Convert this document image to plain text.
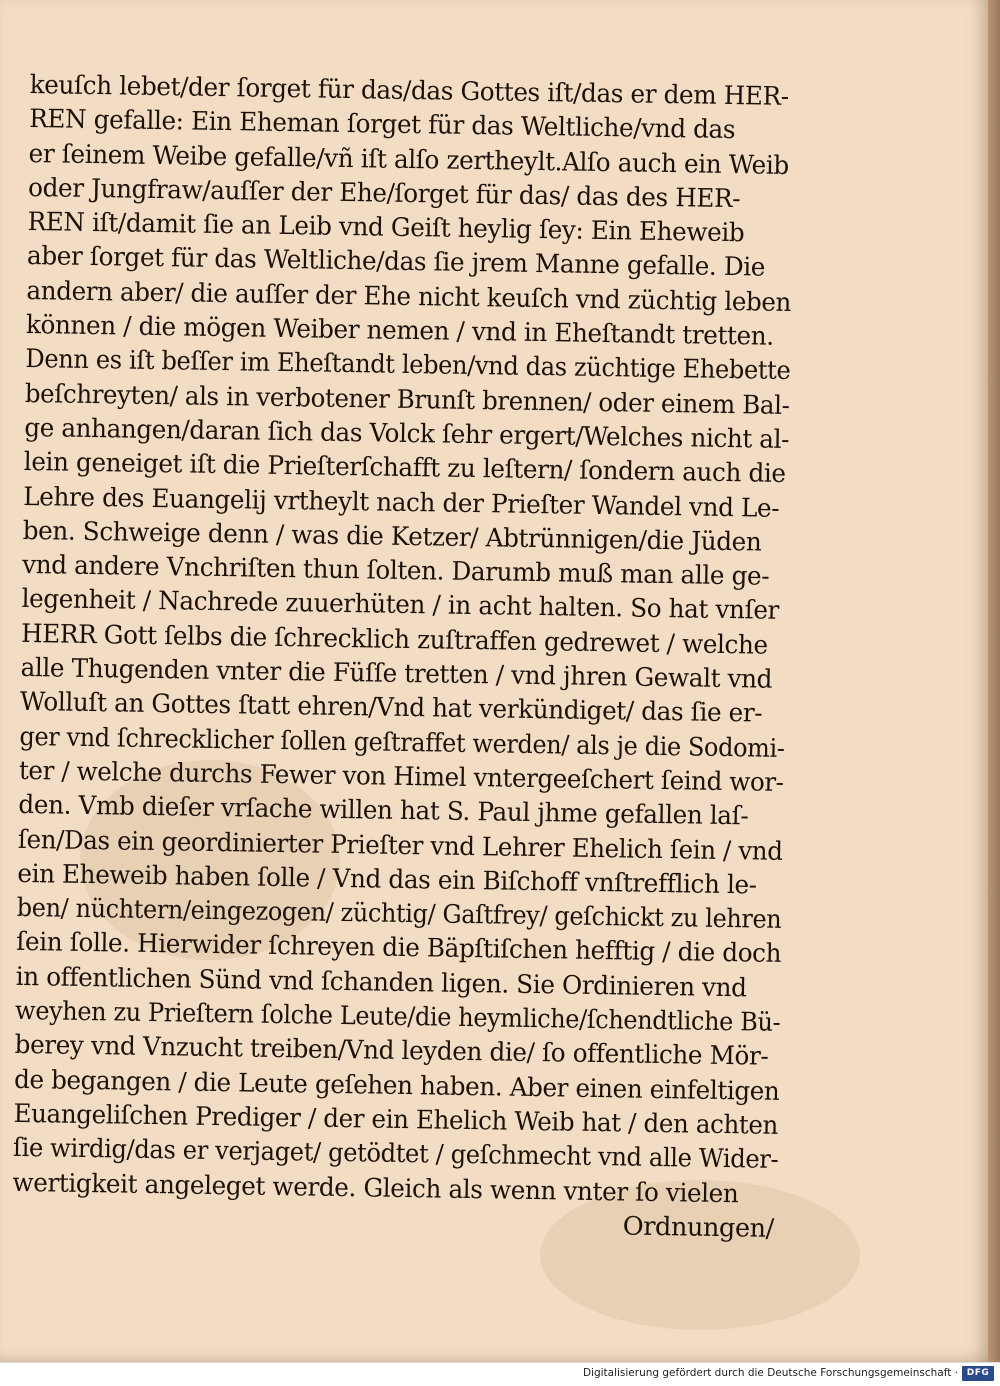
keuſch lebet/der ſorget für das/das Gottes iſt/das er dem HER‑
REN gefalle: Ein Eheman ſorget für das Weltliche/vnd das
er ſeinem Weibe gefalle/vñ iſt alſo zertheylt.Alſo auch ein Weib
oder Jungfraw/auſſer der Ehe/ſorget für das/ das des HER‑
REN iſt/damit ſie an Leib vnd Geiſt heylig ſey: Ein Eheweib
aber ſorget für das Weltliche/das ſie jrem Manne gefalle. Die
andern aber/ die auſſer der Ehe nicht keuſch vnd züchtig leben
können / die mögen Weiber nemen / vnd in Eheſtandt tretten.
Denn es iſt beſſer im Eheſtandt leben/vnd das züchtige Ehebette
beſchreyten/ als in verbotener Brunſt brennen/ oder einem Bal‑
ge anhangen/daran ſich das Volck ſehr ergert/Welches nicht al‑
lein geneiget iſt die Prieſterſchafft zu leſtern/ ſondern auch die
Lehre des Euangelij vrtheylt nach der Prieſter Wandel vnd Le‑
ben. Schweige denn / was die Ketzer/ Abtrünnigen/die Jüden
vnd andere Vnchriſten thun ſolten. Darumb muß man alle ge‑
legenheit / Nachrede zuuerhüten / in acht halten. So hat vnſer
HERR Gott ſelbs die ſchrecklich zuſtraffen gedrewet / welche
alle Thugenden vnter die Füſſe tretten / vnd jhren Gewalt vnd
Wolluſt an Gottes ſtatt ehren/Vnd hat verkündiget/ das ſie er‑
ger vnd ſchrecklicher ſollen geſtraffet werden/ als je die Sodomi‑
ter / welche durchs Fewer von Himel vntergeeſchert ſeind wor‑
den. Vmb dieſer vrſache willen hat S. Paul jhme gefallen laſ‑
ſen/Das ein geordinierter Prieſter vnd Lehrer Ehelich ſein / vnd
ein Eheweib haben ſolle / Vnd das ein Biſchoff vnſtrefflich le‑
ben/ nüchtern/eingezogen/ züchtig/ Gaſtfrey/ geſchickt zu lehren
ſein ſolle. Hierwider ſchreyen die Bäpſtiſchen hefftig / die doch
in offentlichen Sünd vnd ſchanden ligen. Sie Ordinieren vnd
weyhen zu Prieſtern ſolche Leute/die heymliche/ſchendtliche Bü‑
berey vnd Vnzucht treiben/Vnd leyden die/ ſo offentliche Mör‑
de begangen / die Leute geſehen haben. Aber einen einfeltigen
Euangeliſchen Prediger / der ein Ehelich Weib hat / den achten
ſie wirdig/das er verjaget/ getödtet / geſchmecht vnd alle Wider‑
wertigkeit angeleget werde. Gleich als wenn vnter ſo vielen
Ordnungen/
Digitalisierung gefördert durch die Deutsche Forschungsgemeinschaft · DFG
